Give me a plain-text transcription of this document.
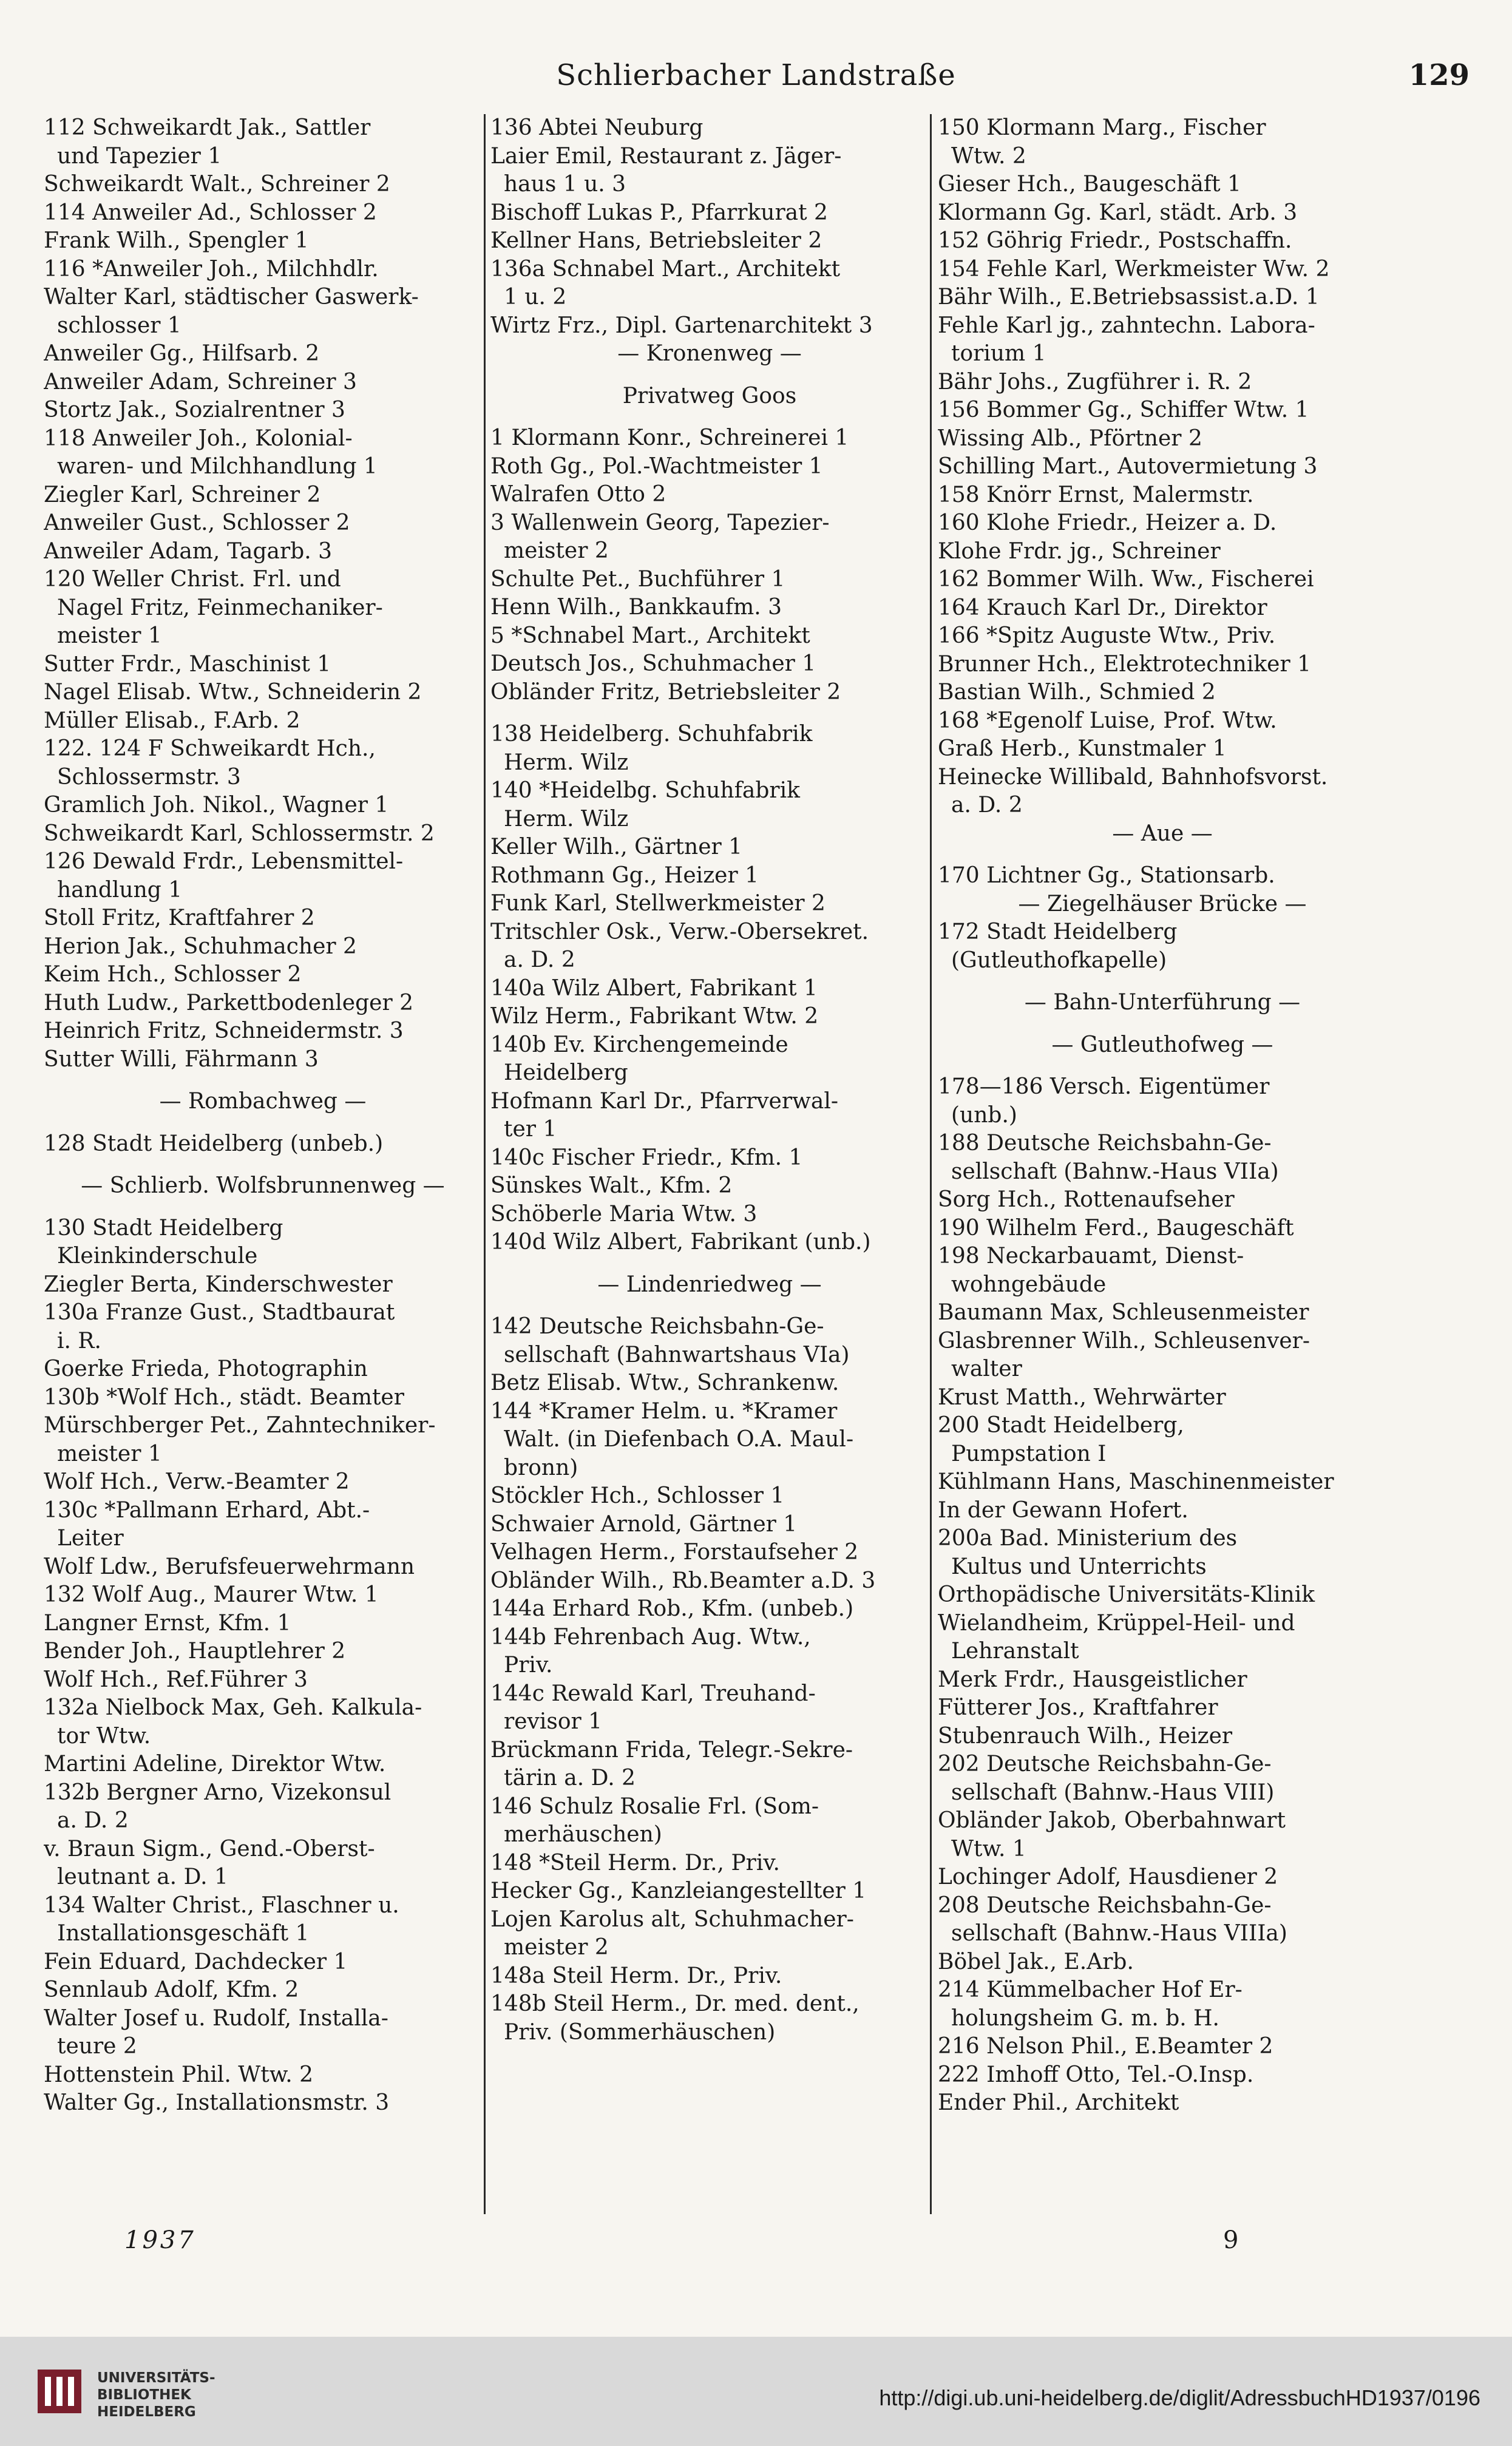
Schlierbacher Landstraße	129
112 Schweikardt Jak., Sattler
und Tapezier 1
Schweikardt Walt., Schreiner 2
114 Anweiler Ad., Schlosser 2
Frank Wilh., Spengler 1
116 *Anweiler Joh., Milchhdlr.
Walter Karl, städtischer Gaswerk-
schlosser 1
Anweiler Gg., Hilfsarb. 2
Anweiler Adam, Schreiner 3
Stortz Jak., Sozialrentner 3
118 Anweiler Joh., Kolonial-
waren- und Milchhandlung 1
Ziegler Karl, Schreiner 2
Anweiler Gust., Schlosser 2
Anweiler Adam, Tagarb. 3
120 Weller Christ. Frl. und
Nagel Fritz, Feinmechaniker-
meister 1
Sutter Frdr., Maschinist 1
Nagel Elisab. Wtw., Schneiderin 2
Müller Elisab., F.Arb. 2
122. 124 F Schweikardt Hch.,
Schlossermstr. 3
Gramlich Joh. Nikol., Wagner 1
Schweikardt Karl, Schlossermstr. 2
126 Dewald Frdr., Lebensmittel-
handlung 1
Stoll Fritz, Kraftfahrer 2
Herion Jak., Schuhmacher 2
Keim Hch., Schlosser 2
Huth Ludw., Parkettbodenleger 2
Heinrich Fritz, Schneidermstr. 3
Sutter Willi, Fährmann 3
— Rombachweg —
128 Stadt Heidelberg (unbeb.)
— Schlierb. Wolfsbrunnenweg —
130 Stadt Heidelberg
Kleinkinderschule
Ziegler Berta, Kinderschwester
130a Franze Gust., Stadtbaurat
i. R.
Goerke Frieda, Photographin
130b *Wolf Hch., städt. Beamter
Mürschberger Pet., Zahntechniker-
meister 1
Wolf Hch., Verw.-Beamter 2
130c *Pallmann Erhard, Abt.-
Leiter
Wolf Ldw., Berufsfeuerwehrmann
132 Wolf Aug., Maurer Wtw. 1
Langner Ernst, Kfm. 1
Bender Joh., Hauptlehrer 2
Wolf Hch., Ref.Führer 3
132a Nielbock Max, Geh. Kalkula-
tor Wtw.
Martini Adeline, Direktor Wtw.
132b Bergner Arno, Vizekonsul
a. D. 2
v. Braun Sigm., Gend.-Oberst-
leutnant a. D. 1
134 Walter Christ., Flaschner u.
Installationsgeschäft 1
Fein Eduard, Dachdecker 1
Sennlaub Adolf, Kfm. 2
Walter Josef u. Rudolf, Installa-
teure 2
Hottenstein Phil. Wtw. 2
Walter Gg., Installationsmstr. 3
136 Abtei Neuburg
Laier Emil, Restaurant z. Jäger-
haus 1 u. 3
Bischoff Lukas P., Pfarrkurat 2
Kellner Hans, Betriebsleiter 2
136a Schnabel Mart., Architekt
1 u. 2
Wirtz Frz., Dipl. Gartenarchitekt 3
— Kronenweg —
Privatweg Goos
1 Klormann Konr., Schreinerei 1
Roth Gg., Pol.-Wachtmeister 1
Walrafen Otto 2
3 Wallenwein Georg, Tapezier-
meister 2
Schulte Pet., Buchführer 1
Henn Wilh., Bankkaufm. 3
5 *Schnabel Mart., Architekt
Deutsch Jos., Schuhmacher 1
Obländer Fritz, Betriebsleiter 2
138 Heidelberg. Schuhfabrik
Herm. Wilz
140 *Heidelbg. Schuhfabrik
Herm. Wilz
Keller Wilh., Gärtner 1
Rothmann Gg., Heizer 1
Funk Karl, Stellwerkmeister 2
Tritschler Osk., Verw.-Obersekret.
a. D. 2
140a Wilz Albert, Fabrikant 1
Wilz Herm., Fabrikant Wtw. 2
140b Ev. Kirchengemeinde
Heidelberg
Hofmann Karl Dr., Pfarrverwal-
ter 1
140c Fischer Friedr., Kfm. 1
Sünskes Walt., Kfm. 2
Schöberle Maria Wtw. 3
140d Wilz Albert, Fabrikant (unb.)
— Lindenriedweg —
142 Deutsche Reichsbahn-Ge-
sellschaft (Bahnwartshaus VIa)
Betz Elisab. Wtw., Schrankenw.
144 *Kramer Helm. u. *Kramer
Walt. (in Diefenbach O.A. Maul-
bronn)
Stöckler Hch., Schlosser 1
Schwaier Arnold, Gärtner 1
Velhagen Herm., Forstaufseher 2
Obländer Wilh., Rb.Beamter a.D. 3
144a Erhard Rob., Kfm. (unbeb.)
144b Fehrenbach Aug. Wtw.,
Priv.
144c Rewald Karl, Treuhand-
revisor 1
Brückmann Frida, Telegr.-Sekre-
tärin a. D. 2
146 Schulz Rosalie Frl. (Som-
merhäuschen)
148 *Steil Herm. Dr., Priv.
Hecker Gg., Kanzleiangestellter 1
Lojen Karolus alt, Schuhmacher-
meister 2
148a Steil Herm. Dr., Priv.
148b Steil Herm., Dr. med. dent.,
Priv. (Sommerhäuschen)
150 Klormann Marg., Fischer
Wtw. 2
Gieser Hch., Baugeschäft 1
Klormann Gg. Karl, städt. Arb. 3
152 Göhrig Friedr., Postschaffn.
154 Fehle Karl, Werkmeister Ww. 2
Bähr Wilh., E.Betriebsassist.a.D. 1
Fehle Karl jg., zahntechn. Labora-
torium 1
Bähr Johs., Zugführer i. R. 2
156 Bommer Gg., Schiffer Wtw. 1
Wissing Alb., Pförtner 2
Schilling Mart., Autovermietung 3
158 Knörr Ernst, Malermstr.
160 Klohe Friedr., Heizer a. D.
Klohe Frdr. jg., Schreiner
162 Bommer Wilh. Ww., Fischerei
164 Krauch Karl Dr., Direktor
166 *Spitz Auguste Wtw., Priv.
Brunner Hch., Elektrotechniker 1
Bastian Wilh., Schmied 2
168 *Egenolf Luise, Prof. Wtw.
Graß Herb., Kunstmaler 1
Heinecke Willibald, Bahnhofsvorst.
a. D. 2
— Aue —
170 Lichtner Gg., Stationsarb.
— Ziegelhäuser Brücke —
172 Stadt Heidelberg
(Gutleuthofkapelle)
— Bahn-Unterführung —
— Gutleuthofweg —
178—186 Versch. Eigentümer
(unb.)
188 Deutsche Reichsbahn-Ge-
sellschaft (Bahnw.-Haus VIIa)
Sorg Hch., Rottenaufseher
190 Wilhelm Ferd., Baugeschäft
198 Neckarbauamt, Dienst-
wohngebäude
Baumann Max, Schleusenmeister
Glasbrenner Wilh., Schleusenver-
walter
Krust Matth., Wehrwärter
200 Stadt Heidelberg,
Pumpstation I
Kühlmann Hans, Maschinenmeister
In der Gewann Hofert.
200a Bad. Ministerium des
Kultus und Unterrichts
Orthopädische Universitäts-Klinik
Wielandheim, Krüppel-Heil- und
Lehranstalt
Merk Frdr., Hausgeistlicher
Fütterer Jos., Kraftfahrer
Stubenrauch Wilh., Heizer
202 Deutsche Reichsbahn-Ge-
sellschaft (Bahnw.-Haus VIII)
Obländer Jakob, Oberbahnwart
Wtw. 1
Lochinger Adolf, Hausdiener 2
208 Deutsche Reichsbahn-Ge-
sellschaft (Bahnw.-Haus VIIIa)
Böbel Jak., E.Arb.
214 Kümmelbacher Hof Er-
holungsheim G. m. b. H.
216 Nelson Phil., E.Beamter 2
222 Imhoff Otto, Tel.-O.Insp.
Ender Phil., Architekt
1937	9
UNIVERSITÄTS-
BIBLIOTHEK
HEIDELBERG
http://digi.ub.uni-heidelberg.de/diglit/AdressbuchHD1937/0196
